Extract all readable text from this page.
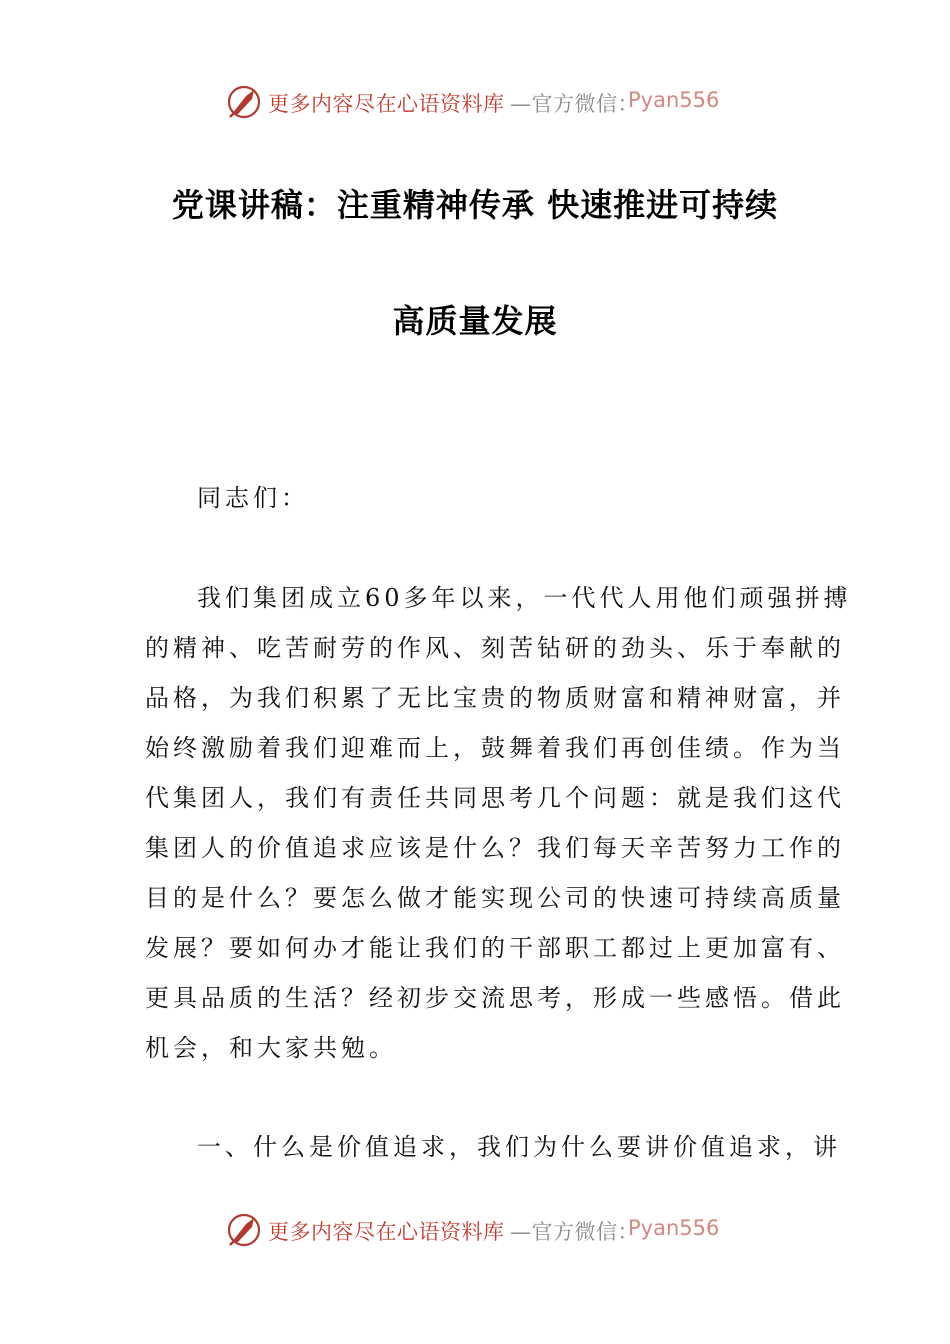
更多内容尽在心语资料库 —官方微信：
Pyan556
党课讲稿：注重精神传承 快速推进可持续
高质量发展

同志们：

我们集团成立60多年以来，一代代人用他们顽强拼搏

的精神、吃苦耐劳的作风、刻苦钻研的劲头、乐于奉献的

品格，为我们积累了无比宝贵的物质财富和精神财富，并

始终激励着我们迎难而上，鼓舞着我们再创佳绩。作为当

代集团人，我们有责任共同思考几个问题：就是我们这代

集团人的价值追求应该是什么？我们每天辛苦努力工作的

目的是什么？要怎么做才能实现公司的快速可持续高质量

发展？要如何办才能让我们的干部职工都过上更加富有、

更具品质的生活？经初步交流思考，形成一些感悟。借此

机会，和大家共勉。

一、什么是价值追求，我们为什么要讲价值追求，讲

更多内容尽在心语资料库 —官方微信：
Pyan556
